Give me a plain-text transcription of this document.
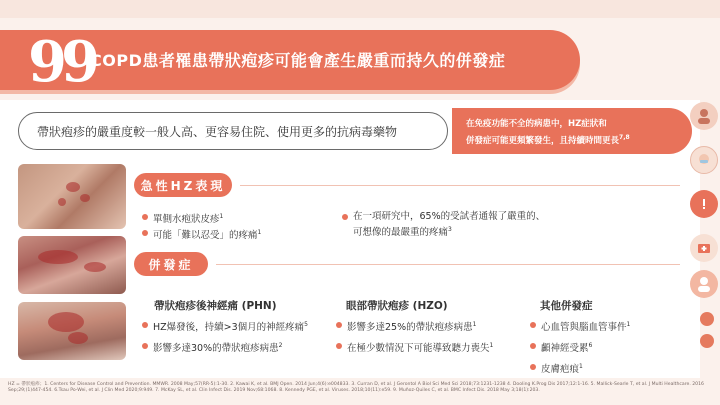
99
COPD患者罹患帶狀疱疹可能會產生嚴重而持久的併發症
帶狀疱疹的嚴重度較一般人高、更容易住院、使用更多的抗病毒藥物
在免疫功能不全的病患中，HZ症狀和
併發症可能更頻繁發生，且持續時間更長$^{7,8}$
急性HZ表現
單側水疱狀皮疹$^1$
可能「難以忍受」的疼痛$^1$
在一項研究中，65%的受試者通報了嚴重的、
可想像的最嚴重的疼痛$^3$
併發症
帶狀疱疹後神經痛 (PHN)	眼部帶狀疱疹 (HZO)	其他併發症
HZ爆發後，持續>3個月的神經疼痛$^5$
影響多達30%的帶狀疱疹病患$^2$
影響多達25%的帶狀疱疹病患$^1$
在極少數情況下可能導致聽力喪失$^1$
心血管與腦血管事件$^1$
顱神經受累$^6$
皮膚疤痕$^1$
HZ = 帶狀疱疹；1. Centers for Disease Control and Prevention. MMWR. 2008 May;57(RR-5):1-30. 2. Kawai K, et al. BMJ Open. 2014 Jun;4(6):e004833. 3. Curran D, et al. J Gerontol A Biol Sci Med Sci 2018;73:1231-1238 4. Dooling K.Prog Dis 2017;12:1-16. 5. Mallick-Searle T, et al. J Multi Healthcare. 2016 Sep;29;(1)447-454. 6.Tsau Po-Wei, et al. J Clin Med 2020;9:949. 7. McKay SL, et al. Clin Infect Dis. 2019 Nov;68:1068. 8. Kennedy PGE, et al. Viruses. 2018;10(11):e59. 9. Muñoz-Quiles C, et al. BMC Infect Dis. 2018 May 3;18(1):203.
